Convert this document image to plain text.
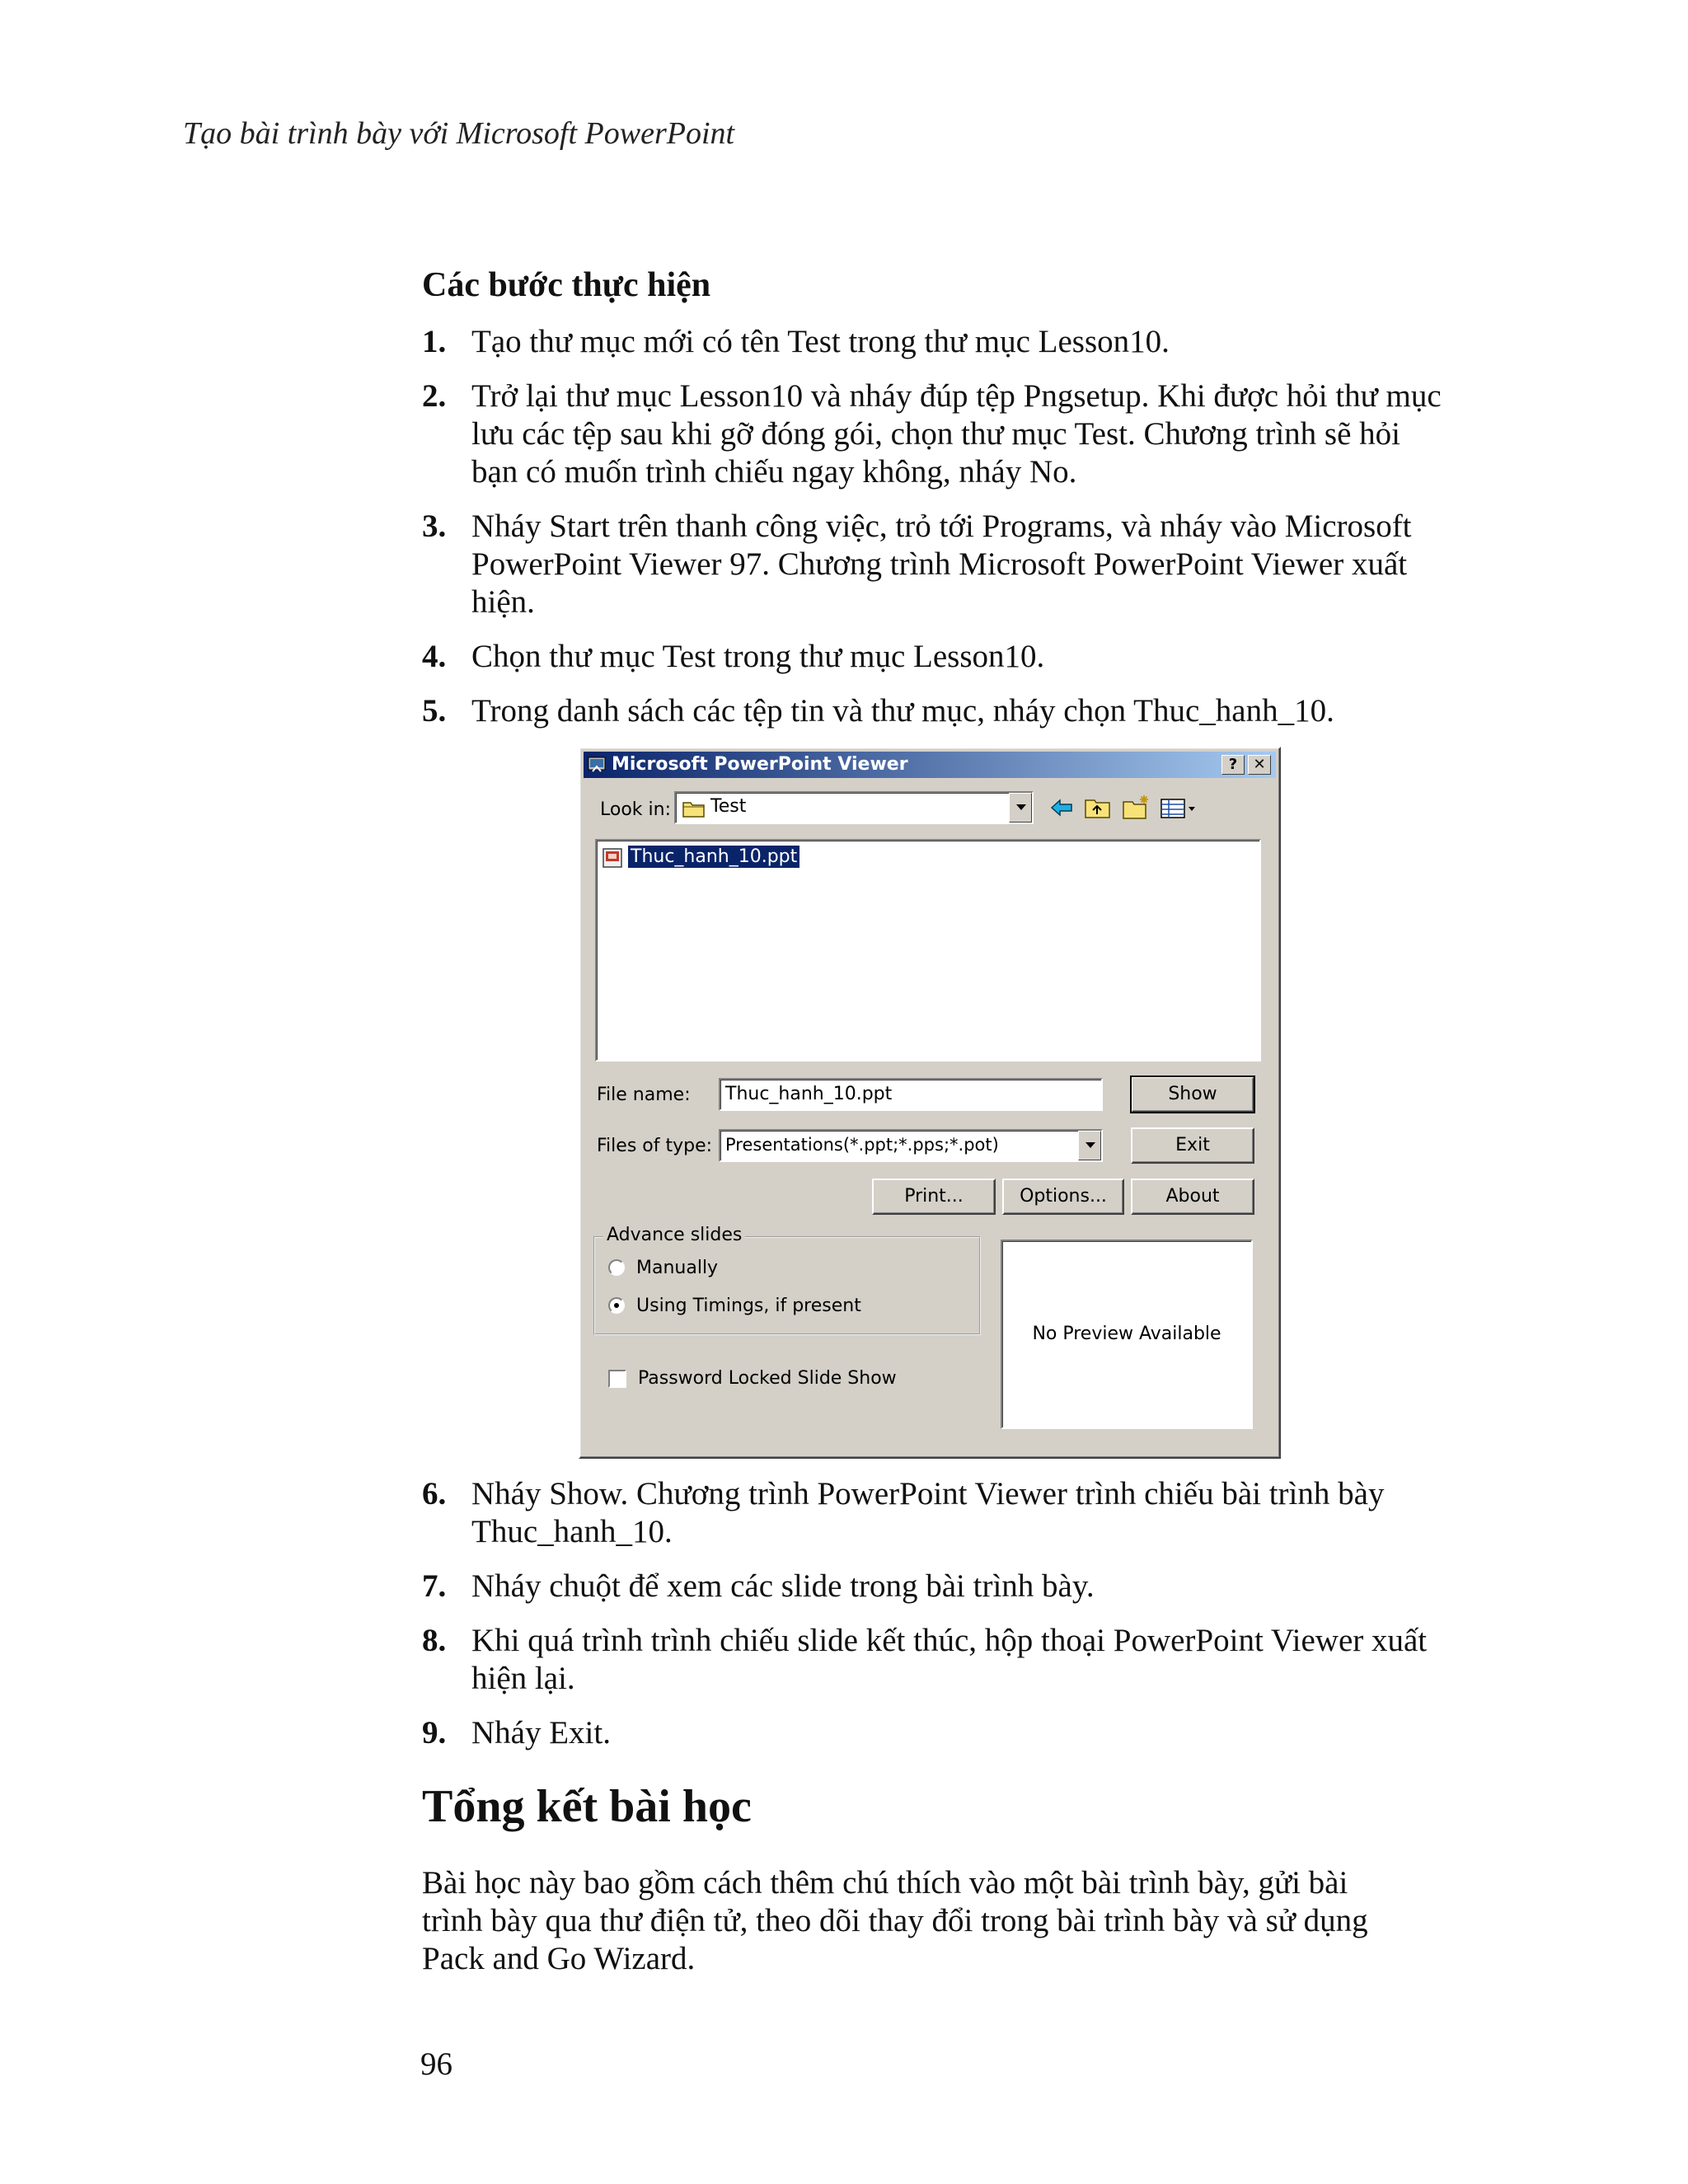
Tạo bài trình bày với Microsoft PowerPoint
Các bước thực hiện
1. Tạo thư mục mới có tên Test trong thư mục Lesson10.
2. Trở lại thư mục Lesson10 và nháy đúp tệp Pngsetup. Khi được hỏi thư mục lưu các tệp sau khi gỡ đóng gói, chọn thư mục Test. Chương trình sẽ hỏi bạn có muốn trình chiếu ngay không, nháy No.
3. Nháy Start trên thanh công việc, trỏ tới Programs, và nháy vào Microsoft PowerPoint Viewer 97. Chương trình Microsoft PowerPoint Viewer xuất hiện.
4. Chọn thư mục Test trong thư mục Lesson10.
5. Trong danh sách các tệp tin và thư mục, nháy chọn Thuc_hanh_10.
Microsoft PowerPoint Viewer	?	✕
Look in: Test
Thuc_hanh_10.ppt
File name: Thuc_hanh_10.ppt	Show
Files of type: Presentations(*.ppt;*.pps;*.pot)	Exit
Print...	Options...	About
Advance slides
Manually
Using Timings, if present
Password Locked Slide Show
No Preview Available
6. Nháy Show. Chương trình PowerPoint Viewer trình chiếu bài trình bày Thuc_hanh_10.
7. Nháy chuột để xem các slide trong bài trình bày.
8. Khi quá trình trình chiếu slide kết thúc, hộp thoại PowerPoint Viewer xuất hiện lại.
9. Nháy Exit.
Tổng kết bài học
Bài học này bao gồm cách thêm chú thích vào một bài trình bày, gửi bài trình bày qua thư điện tử, theo dõi thay đổi trong bài trình bày và sử dụng Pack and Go Wizard.
96
